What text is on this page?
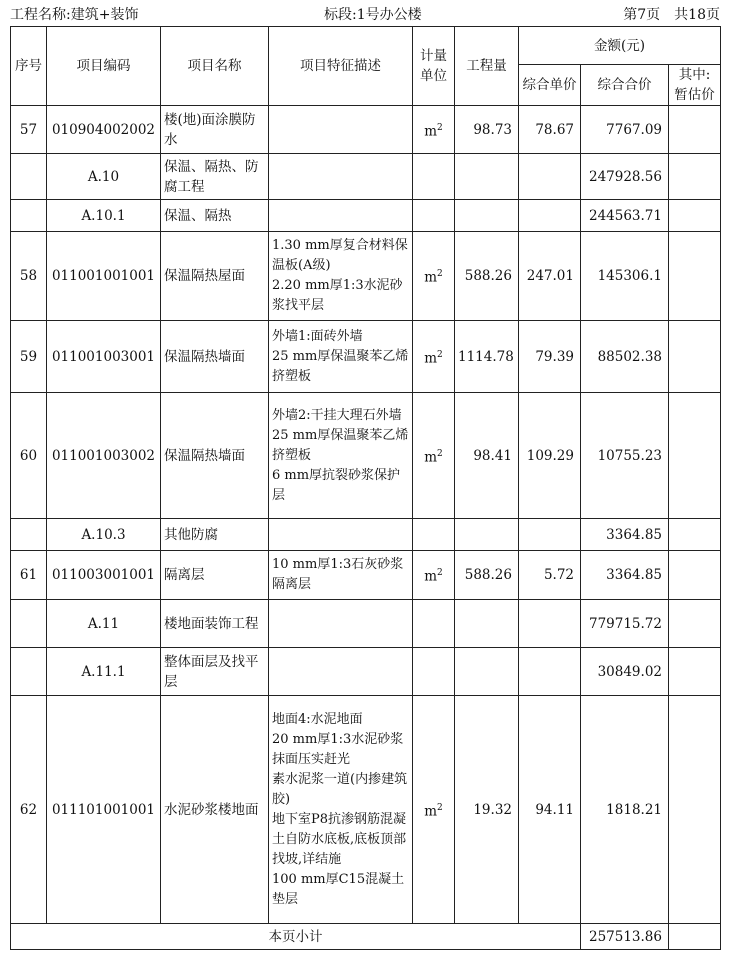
工程名称:建筑+装饰	标段:1号办公楼	第7页　共18页
序号	项目编码	项目名称	项目特征描述	计量单位	工程量	金额(元)		
						综合单价	综合合价	其中:暂估价
57	010904002002	楼(地)面涂膜防水		$m^2$	98.73	78.67	7767.09	
	A.10	保温、隔热、防腐工程					247928.56	
	A.10.1	保温、隔热					244563.71	
58	011001001001	保温隔热屋面	1.30 mm厚复合材料保温板(A级)
2.20 mm厚1:3水泥砂浆找平层	$m^2$	588.26	247.01	145306.1	
59	011001003001	保温隔热墙面	外墙1:面砖外墙
25 mm厚保温聚苯乙烯挤塑板	$m^2$	1114.78	79.39	88502.38	
60	011001003002	保温隔热墙面	外墙2:干挂大理石外墙
25 mm厚保温聚苯乙烯挤塑板
6 mm厚抗裂砂浆保护层	$m^2$	98.41	109.29	10755.23	
	A.10.3	其他防腐					3364.85	
61	011003001001	隔离层	10 mm厚1:3石灰砂浆隔离层	$m^2$	588.26	5.72	3364.85	
	A.11	楼地面装饰工程					779715.72	
	A.11.1	整体面层及找平层					30849.02	
62	011101001001	水泥砂浆楼地面	地面4:水泥地面
20 mm厚1:3水泥砂浆抹面压实赶光
素水泥浆一道(内掺建筑胶)
地下室P8抗渗钢筋混凝土自防水底板,底板顶部找坡,详结施
100 mm厚C15混凝土垫层	$m^2$	19.32	94.11	1818.21	
本页小计							257513.86	
